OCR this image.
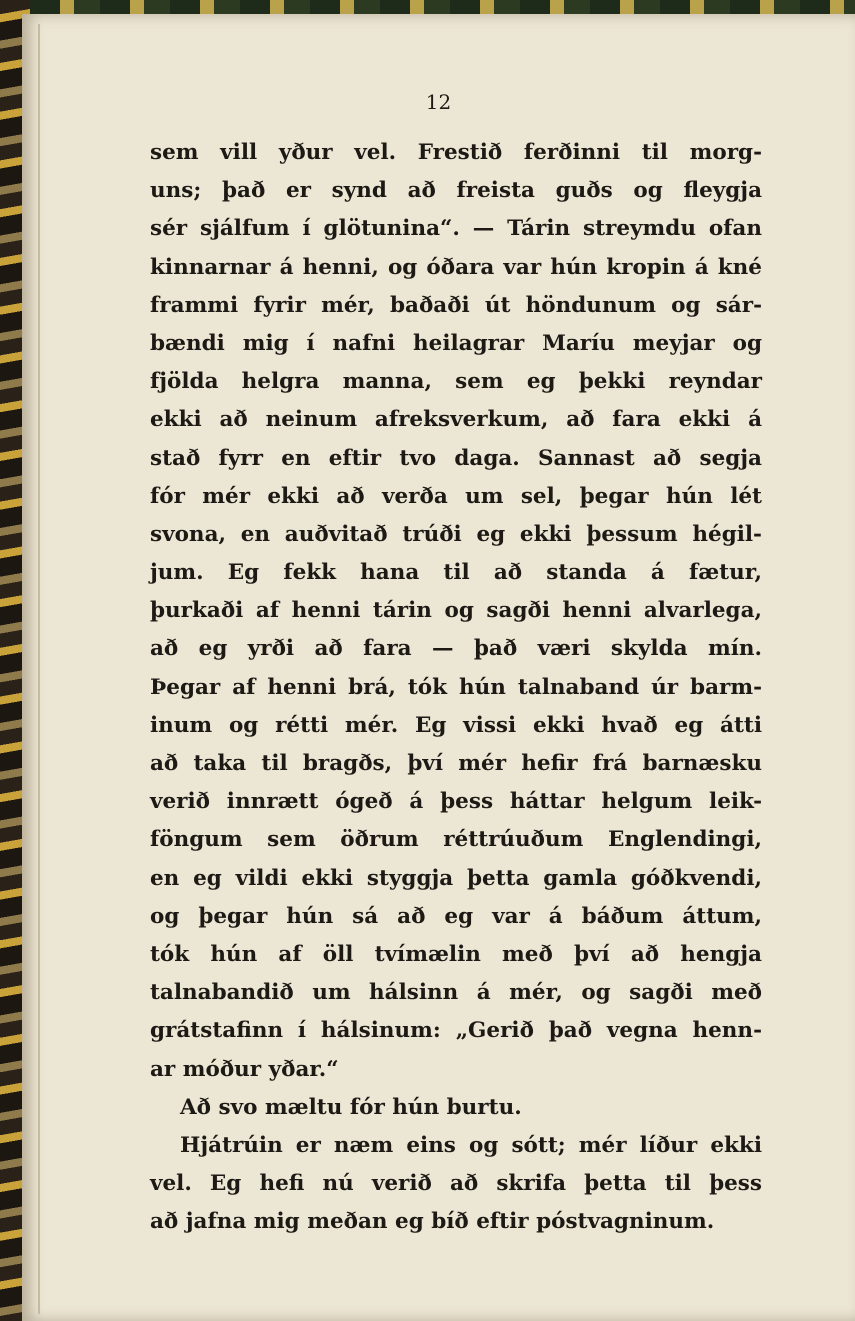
12
sem vill yður vel. Frestið ferðinni til morg-
uns; það er synd að freista guðs og fleygja
sér sjálfum í glötunina“. — Tárin streymdu ofan
kinnarnar á henni, og óðara var hún kropin á kné
frammi fyrir mér, baðaði út höndunum og sár-
bændi mig í nafni heilagrar Maríu meyjar og
fjölda helgra manna, sem eg þekki reyndar
ekki að neinum afreksverkum, að fara ekki á
stað fyrr en eftir tvo daga. Sannast að segja
fór mér ekki að verða um sel, þegar hún lét
svona, en auðvitað trúði eg ekki þessum hégil-
jum. Eg fekk hana til að standa á fætur,
þurkaði af henni tárin og sagði henni alvarlega,
að eg yrði að fara — það væri skylda mín.
Þegar af henni brá, tók hún talnaband úr barm-
inum og rétti mér. Eg vissi ekki hvað eg átti
að taka til bragðs, því mér hefir frá barnæsku
verið innrætt ógeð á þess háttar helgum leik-
föngum sem öðrum réttrúuðum Englendingi,
en eg vildi ekki styggja þetta gamla góðkvendi,
og þegar hún sá að eg var á báðum áttum,
tók hún af öll tvímælin með því að hengja
talnabandið um hálsinn á mér, og sagði með
grátstafinn í hálsinum: „Gerið það vegna henn-
ar móður yðar.“
Að svo mæltu fór hún burtu.
Hjátrúin er næm eins og sótt; mér líður ekki
vel. Eg hefi nú verið að skrifa þetta til þess
að jafna mig meðan eg bíð eftir póstvagninum.
